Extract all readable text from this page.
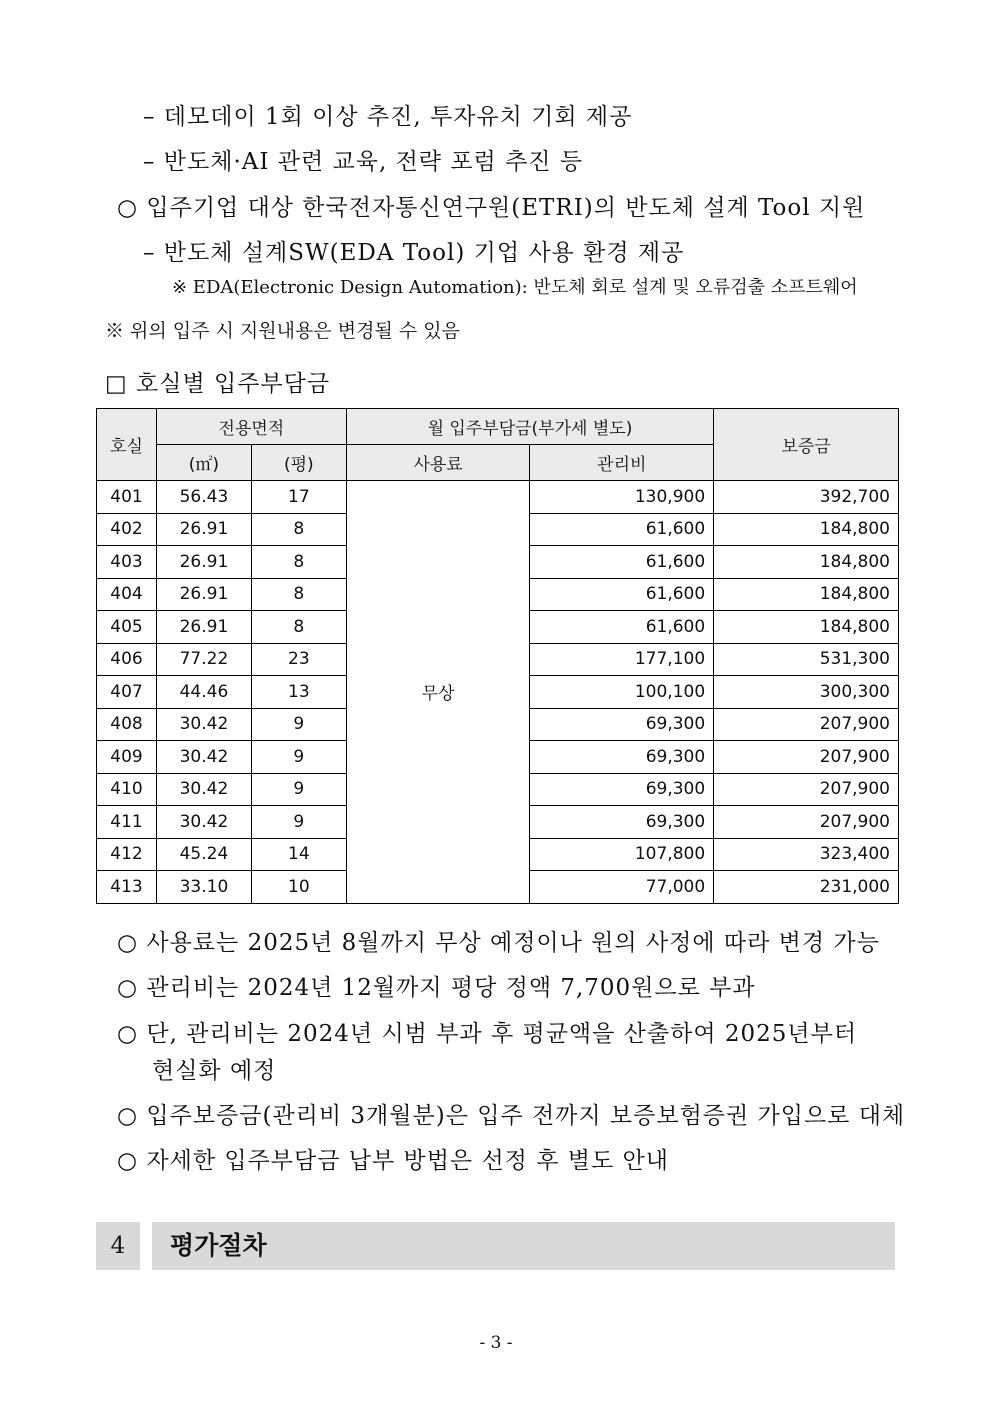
– 데모데이 1회 이상 추진, 투자유치 기회 제공
– 반도체·AI 관련 교육, 전략 포럼 추진 등
○ 입주기업 대상 한국전자통신연구원(ETRI)의 반도체 설계 Tool 지원
– 반도체 설계SW(EDA Tool) 기업 사용 환경 제공
※ EDA(Electronic Design Automation): 반도체 회로 설계 및 오류검출 소프트웨어
※ 위의 입주 시 지원내용은 변경될 수 있음
□ 호실별 입주부담금
호실	전용면적		월 입주부담금(부가세 별도)		보증금
	(㎡)	(평)	사용료	관리비	
401	56.43	17	무상	130,900	392,700
402	26.91	8		61,600	184,800
403	26.91	8		61,600	184,800
404	26.91	8		61,600	184,800
405	26.91	8		61,600	184,800
406	77.22	23		177,100	531,300
407	44.46	13		100,100	300,300
408	30.42	9		69,300	207,900
409	30.42	9		69,300	207,900
410	30.42	9		69,300	207,900
411	30.42	9		69,300	207,900
412	45.24	14		107,800	323,400
413	33.10	10		77,000	231,000
○ 사용료는 2025년 8월까지 무상 예정이나 원의 사정에 따라 변경 가능
○ 관리비는 2024년 12월까지 평당 정액 7,700원으로 부과
○ 단, 관리비는 2024년 시범 부과 후 평균액을 산출하여 2025년부터
현실화 예정
○ 입주보증금(관리비 3개월분)은 입주 전까지 보증보험증권 가입으로 대체
○ 자세한 입주부담금 납부 방법은 선정 후 별도 안내
4	평가절차
- 3 -
